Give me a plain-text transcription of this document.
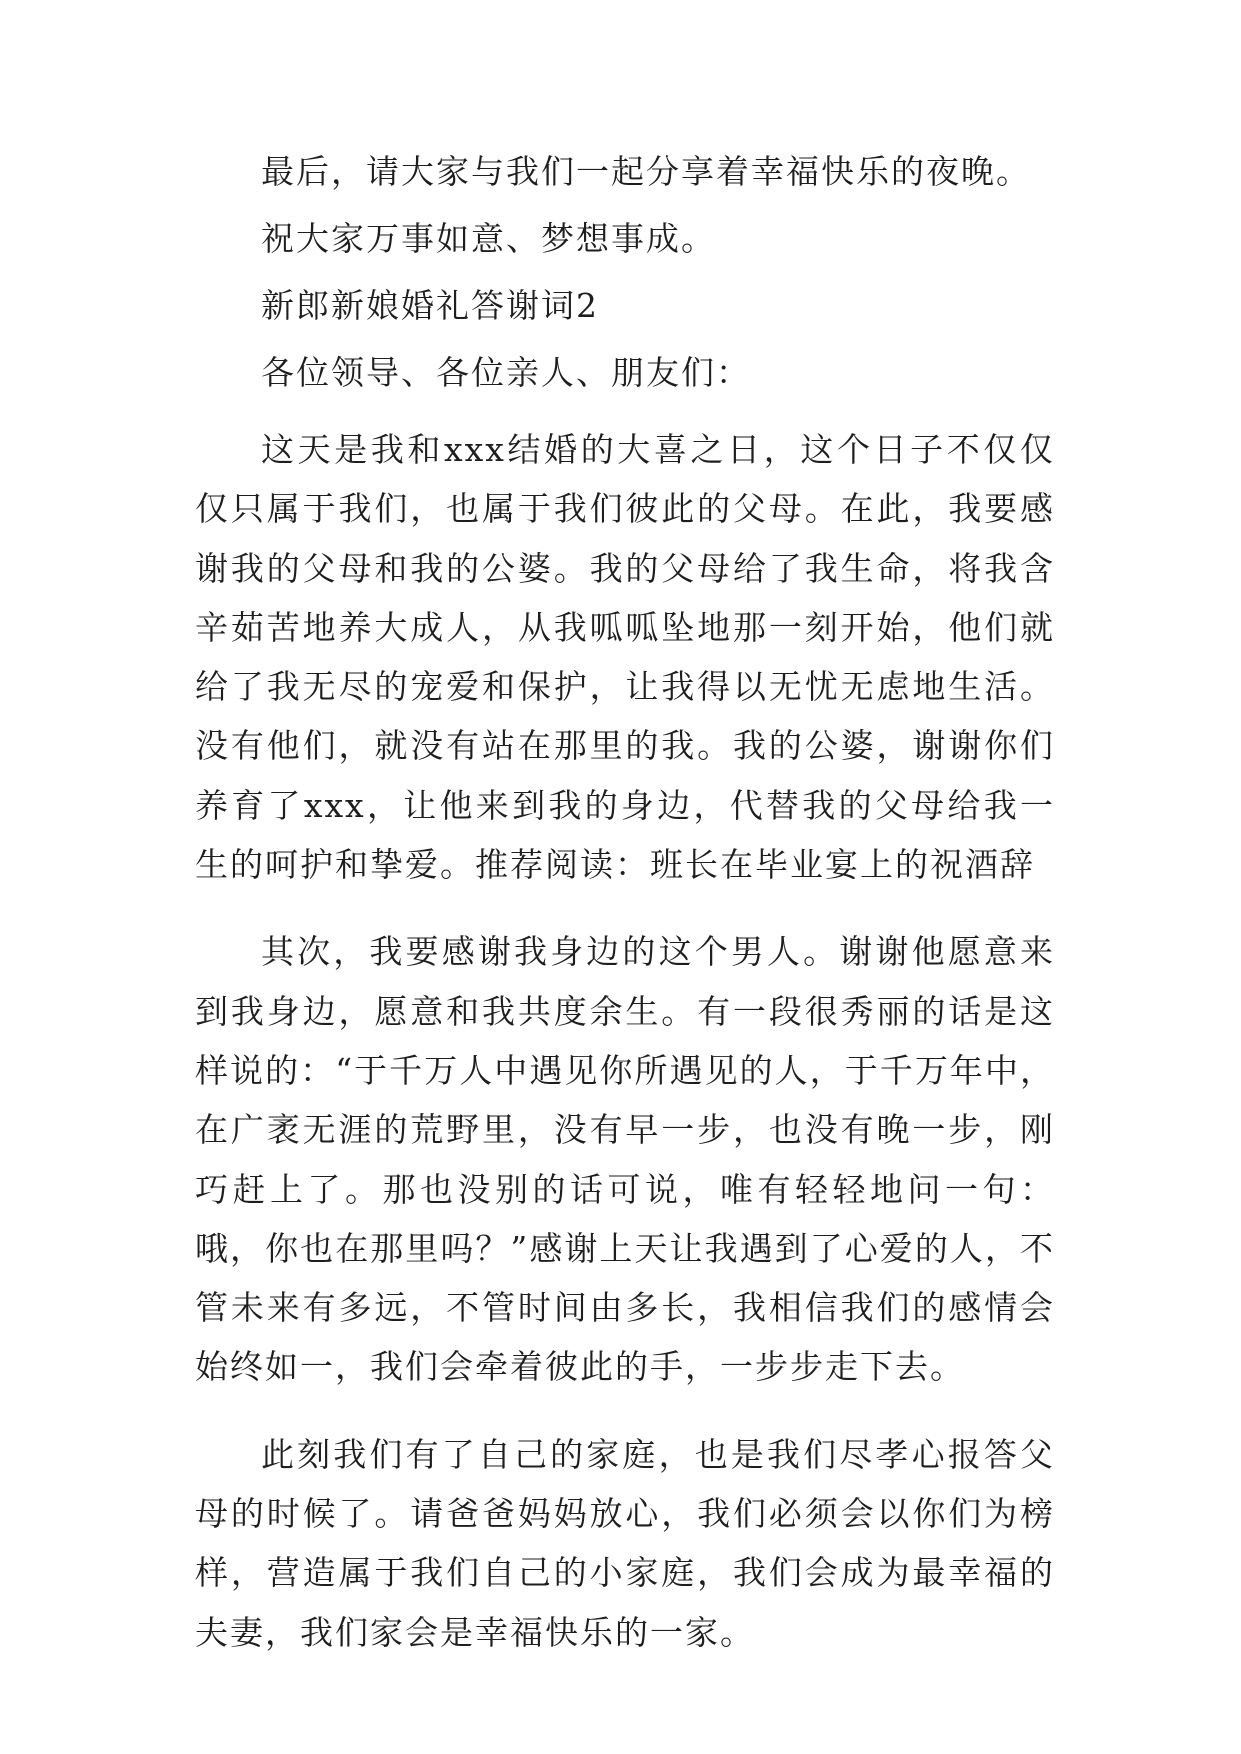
最后，请大家与我们一起分享着幸福快乐的夜晚。

祝大家万事如意、梦想事成。

新郎新娘婚礼答谢词2

各位领导、各位亲人、朋友们：

这天是我和xxx结婚的大喜之日，这个日子不仅仅仅只属于我们，也属于我们彼此的父母。在此，我要感谢我的父母和我的公婆。我的父母给了我生命，将我含辛茹苦地养大成人，从我呱呱坠地那一刻开始，他们就给了我无尽的宠爱和保护，让我得以无忧无虑地生活。没有他们，就没有站在那里的我。我的公婆，谢谢你们养育了xxx，让他来到我的身边，代替我的父母给我一生的呵护和挚爱。推荐阅读：班长在毕业宴上的祝酒辞

其次，我要感谢我身边的这个男人。谢谢他愿意来到我身边，愿意和我共度余生。有一段很秀丽的话是这样说的：“于千万人中遇见你所遇见的人，于千万年中，在广袤无涯的荒野里，没有早一步，也没有晚一步，刚巧赶上了。那也没别的话可说，唯有轻轻地问一句：哦，你也在那里吗？”感谢上天让我遇到了心爱的人，不管未来有多远，不管时间由多长，我相信我们的感情会始终如一，我们会牵着彼此的手，一步步走下去。

此刻我们有了自己的家庭，也是我们尽孝心报答父母的时候了。请爸爸妈妈放心，我们必须会以你们为榜样，营造属于我们自己的小家庭，我们会成为最幸福的夫妻，我们家会是幸福快乐的一家。
